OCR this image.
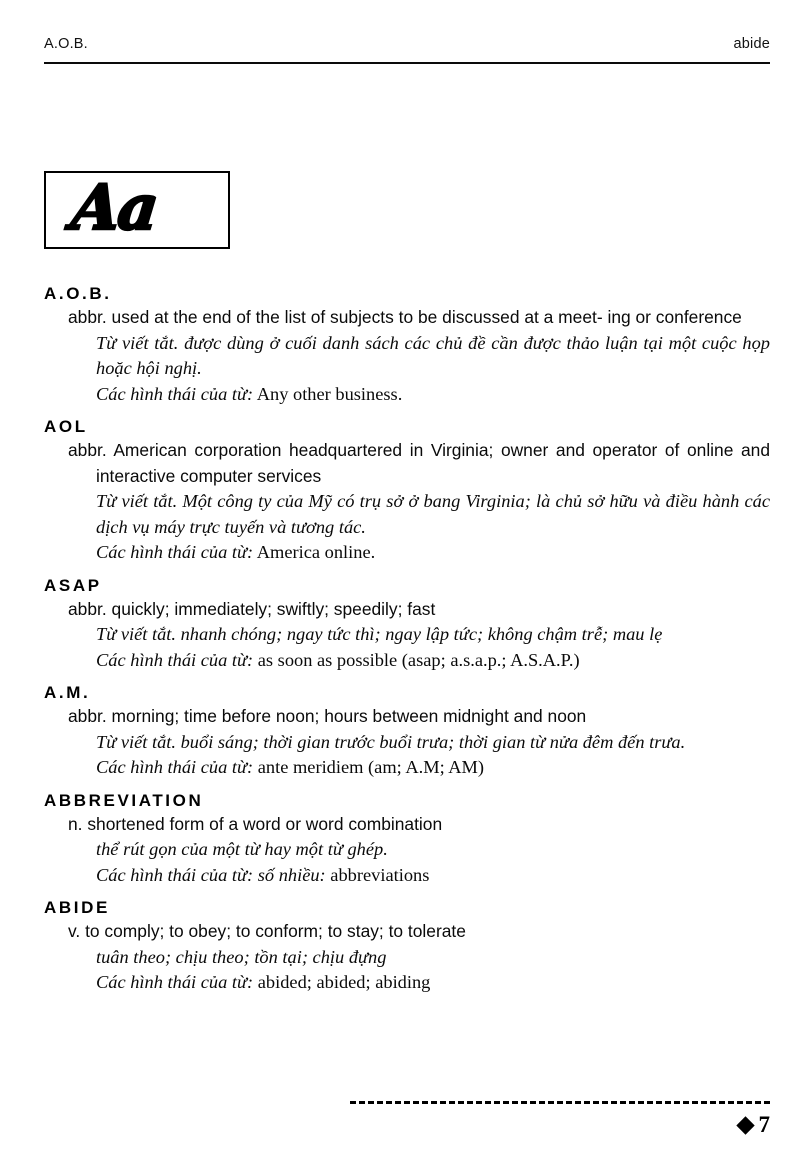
A.O.B.	abide
Aa
A.O.B.
abbr. used at the end of the list of subjects to be discussed at a meet- ing or conference
Từ viết tắt. được dùng ở cuối danh sách các chủ đề cần được thảo luận tại một cuộc họp hoặc hội nghị.
Các hình thái của từ: Any other business.
AOL
abbr. American corporation headquartered in Virginia; owner and operator of online and interactive computer services
Từ viết tắt. Một công ty của Mỹ có trụ sở ở bang Virginia; là chủ sở hữu và điều hành các dịch vụ máy trực tuyến và tương tác.
Các hình thái của từ: America online.
ASAP
abbr. quickly; immediately; swiftly; speedily; fast
Từ viết tắt. nhanh chóng; ngay tức thì; ngay lập tức; không chậm trễ; mau lẹ
Các hình thái của từ: as soon as possible (asap; a.s.a.p.; A.S.A.P.)
A.M.
abbr. morning; time before noon; hours between midnight and noon
Từ viết tắt. buổi sáng; thời gian trước buổi trưa; thời gian từ nửa đêm đến trưa.
Các hình thái của từ: ante meridiem (am; A.M; AM)
ABBREVIATION
n. shortened form of a word or word combination
thể rút gọn của một từ hay một từ ghép.
Các hình thái của từ: số nhiều: abbreviations
ABIDE
v. to comply; to obey; to conform; to stay; to tolerate
tuân theo; chịu theo; tồn tại; chịu đựng
Các hình thái của từ: abided; abided; abiding
7
